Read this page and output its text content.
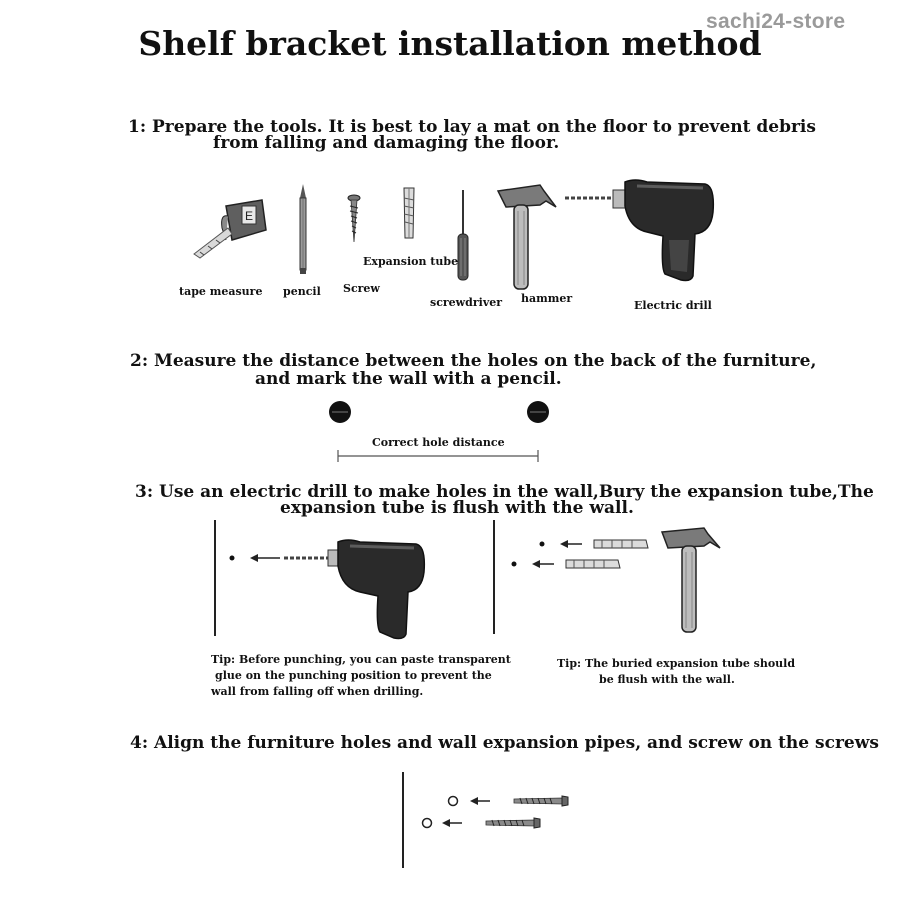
sachi24-store
Shelf bracket installation method
1: Prepare the tools. It is best to lay a mat on the floor to prevent debris
from falling and damaging the floor.
E
tape measure pencil Screw
Expansion tube
screwdriver hammer
Electric drill
2: Measure the distance between the holes on the back of the furniture,
and mark the wall with a pencil.
Correct hole distance
3: Use an electric drill to make holes in the wall,Bury the expansion tube,The
expansion tube is flush with the wall.
Tip: Before punching, you can paste transparent
glue on the punching position to prevent the
wall from falling off when drilling.
Tip: The buried expansion tube should
be flush with the wall.
4: Align the furniture holes and wall expansion pipes, and screw on the screws
